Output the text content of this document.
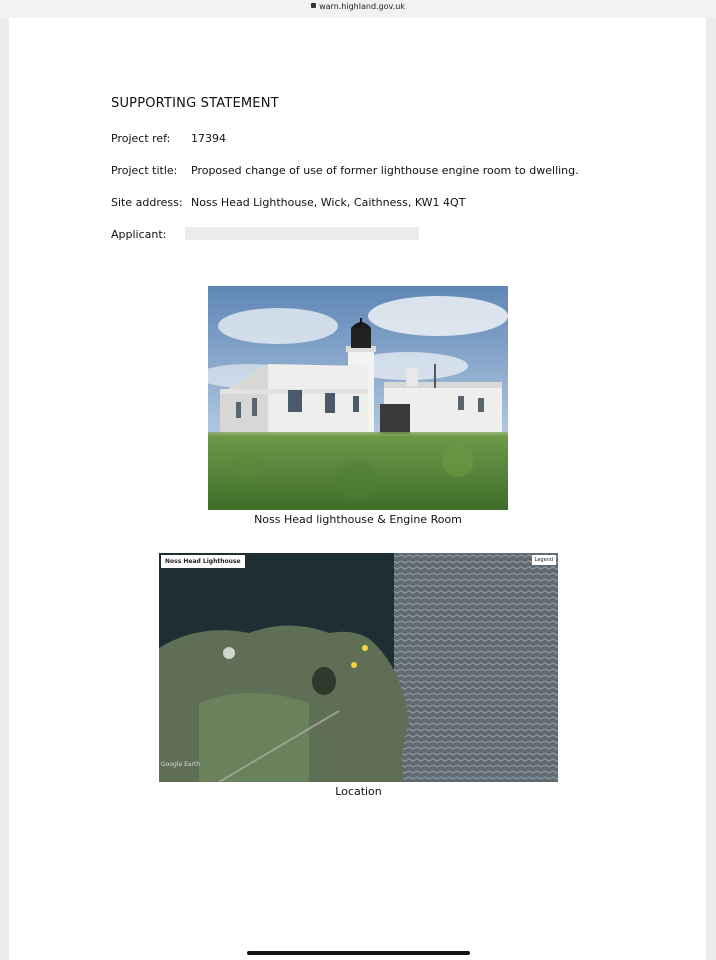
warn.highland.gov.uk
SUPPORTING STATEMENT
Project ref: 17394
Project title: Proposed change of use of former lighthouse engine room to dwelling.
Site address: Noss Head Lighthouse, Wick, Caithness, KW1 4QT
Applicant:
Noss Head lighthouse & Engine Room
Noss Head Lighthouse	Legend
Google Earth
Location
